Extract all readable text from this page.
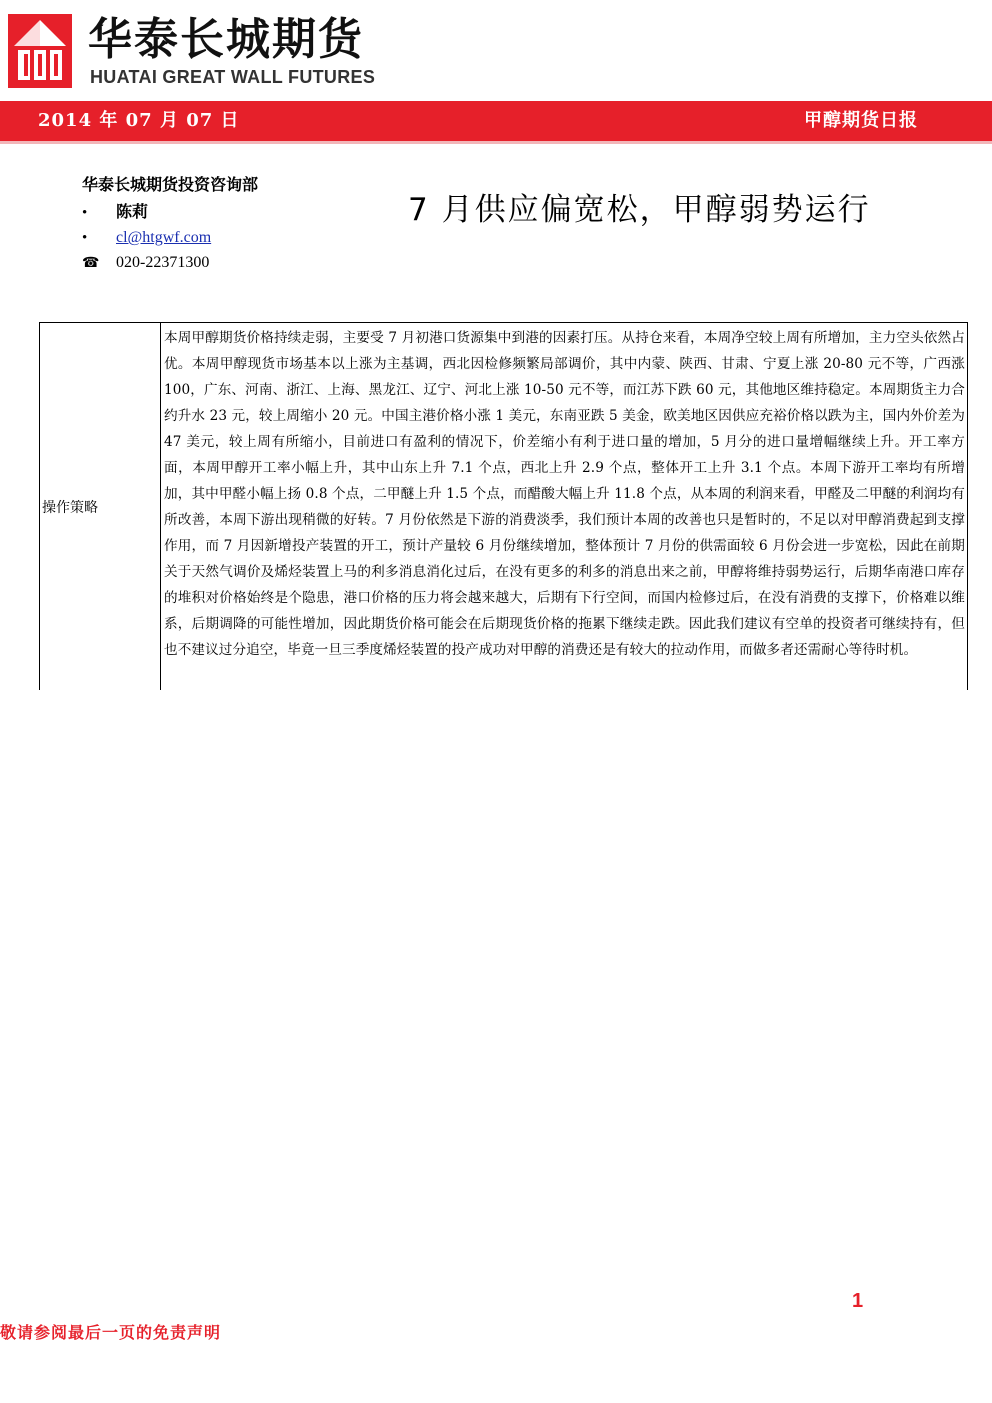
华泰长城期货
HUATAI GREAT WALL FUTURES
2014 年 07 月 07 日	甲醇期货日报
华泰长城期货投资咨询部
• 陈莉
• cl@htgwf.com
☎ 020-22371300
7 月供应偏宽松，甲醇弱势运行
操作策略
本周甲醇期货价格持续走弱，主要受 7 月初港口货源集中到港的因素打压。从持仓来看，本周净空较上周有所增加，主力空头依然占优。本周甲醇现货市场基本以上涨为主基调，西北因检修频繁局部调价，其中内蒙、陕西、甘肃、宁夏上涨 20-80 元不等，广西涨 100，广东、河南、浙江、上海、黑龙江、辽宁、河北上涨 10-50 元不等，而江苏下跌 60 元，其他地区维持稳定。本周期货主力合约升水 23 元，较上周缩小 20 元。中国主港价格小涨 1 美元，东南亚跌 5 美金，欧美地区因供应充裕价格以跌为主，国内外价差为 47 美元，较上周有所缩小，目前进口有盈利的情况下，价差缩小有利于进口量的增加，5 月分的进口量增幅继续上升。开工率方面，本周甲醇开工率小幅上升，其中山东上升 7.1 个点，西北上升 2.9 个点，整体开工上升 3.1 个点。本周下游开工率均有所增加，其中甲醛小幅上扬 0.8 个点，二甲醚上升 1.5 个点，而醋酸大幅上升 11.8 个点，从本周的利润来看，甲醛及二甲醚的利润均有所改善，本周下游出现稍微的好转。7 月份依然是下游的消费淡季，我们预计本周的改善也只是暂时的，不足以对甲醇消费起到支撑作用，而 7 月因新增投产装置的开工，预计产量较 6 月份继续增加，整体预计 7 月份的供需面较 6 月份会进一步宽松，因此在前期关于天然气调价及烯烃装置上马的利多消息消化过后，在没有更多的利多的消息出来之前，甲醇将维持弱势运行，后期华南港口库存的堆积对价格始终是个隐患，港口价格的压力将会越来越大，后期有下行空间，而国内检修过后，在没有消费的支撑下，价格难以维系，后期调降的可能性增加，因此期货价格可能会在后期现货价格的拖累下继续走跌。因此我们建议有空单的投资者可继续持有，但也不建议过分追空，毕竟一旦三季度烯烃装置的投产成功对甲醇的消费还是有较大的拉动作用，而做多者还需耐心等待时机。
1
敬请参阅最后一页的免责声明
